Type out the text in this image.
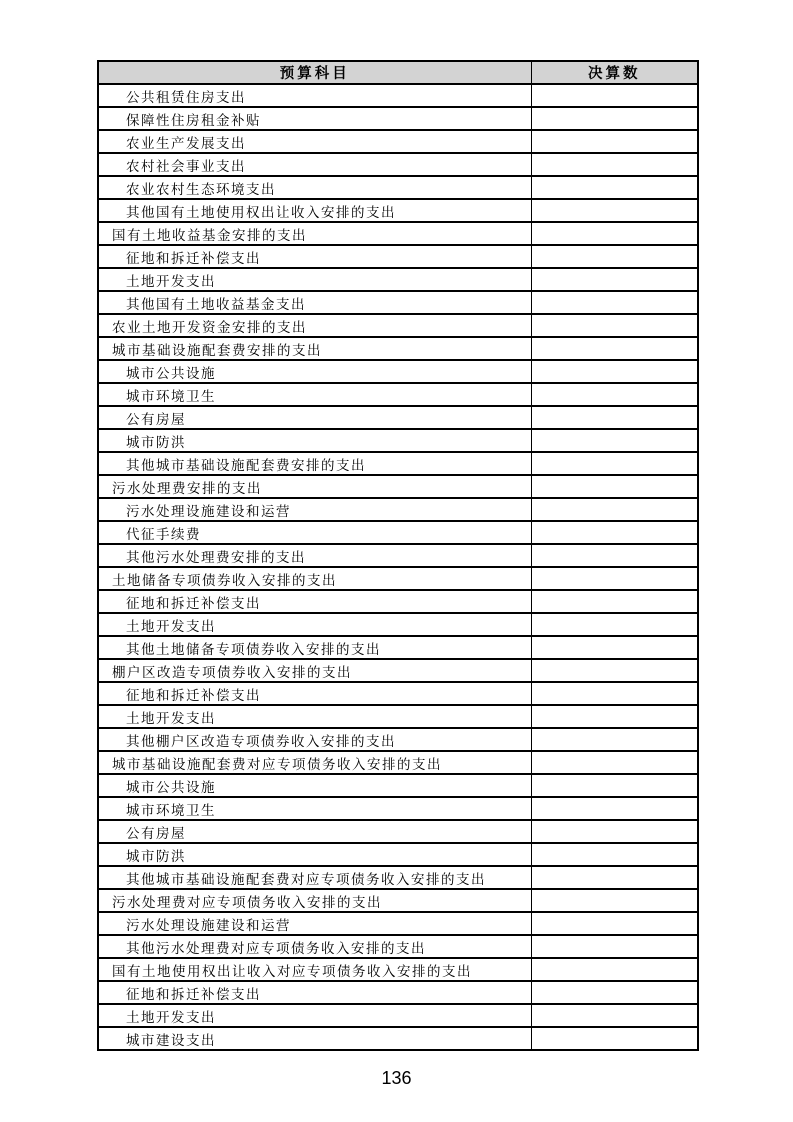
预算科目	决算数
公共租赁住房支出	
保障性住房租金补贴	
农业生产发展支出	
农村社会事业支出	
农业农村生态环境支出	
其他国有土地使用权出让收入安排的支出	
国有土地收益基金安排的支出	
征地和拆迁补偿支出	
土地开发支出	
其他国有土地收益基金支出	
农业土地开发资金安排的支出	
城市基础设施配套费安排的支出	
城市公共设施	
城市环境卫生	
公有房屋	
城市防洪	
其他城市基础设施配套费安排的支出	
污水处理费安排的支出	
污水处理设施建设和运营	
代征手续费	
其他污水处理费安排的支出	
土地储备专项债券收入安排的支出	
征地和拆迁补偿支出	
土地开发支出	
其他土地储备专项债券收入安排的支出	
棚户区改造专项债券收入安排的支出	
征地和拆迁补偿支出	
土地开发支出	
其他棚户区改造专项债券收入安排的支出	
城市基础设施配套费对应专项债务收入安排的支出	
城市公共设施	
城市环境卫生	
公有房屋	
城市防洪	
其他城市基础设施配套费对应专项债务收入安排的支出	
污水处理费对应专项债务收入安排的支出	
污水处理设施建设和运营	
其他污水处理费对应专项债务收入安排的支出	
国有土地使用权出让收入对应专项债务收入安排的支出	
征地和拆迁补偿支出	
土地开发支出	
城市建设支出	
136
